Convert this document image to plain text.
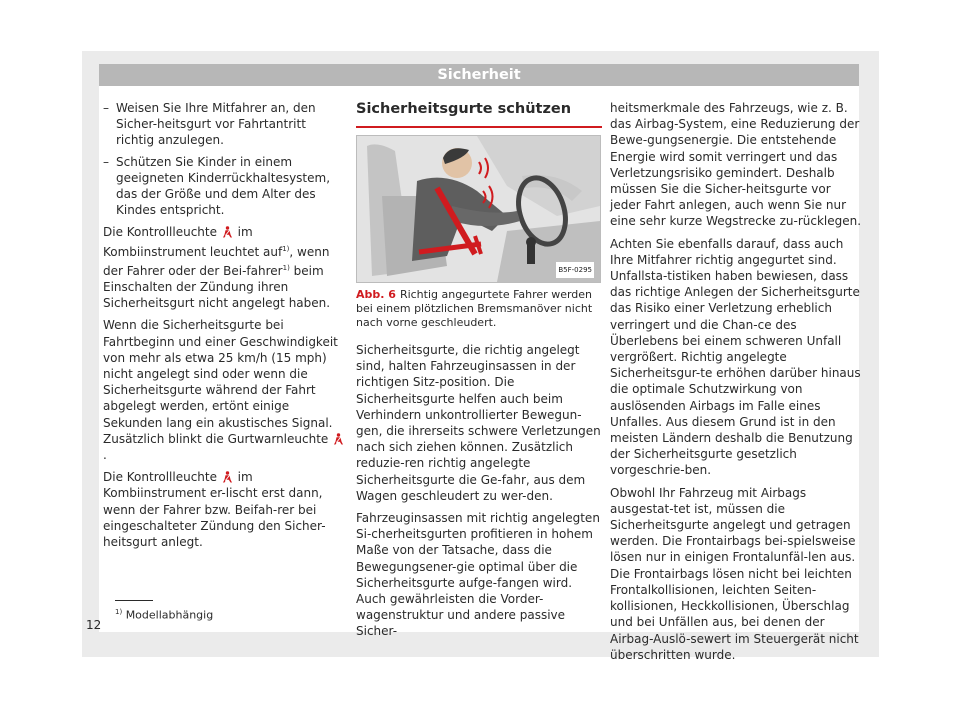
Sicherheit
– Weisen Sie Ihre Mitfahrer an, den Sicher-heitsgurt vor Fahrtantritt richtig anzulegen.
– Schützen Sie Kinder in einem geeigneten Kinderrückhaltesystem, das der Größe und dem Alter des Kindes entspricht.

Die Kontrollleuchte im Kombiinstrument leuchtet auf$^{1)}$, wenn der Fahrer oder der Bei-fahrer$^{1)}$ beim Einschalten der Zündung ihren Sicherheitsgurt nicht angelegt haben.

Wenn die Sicherheitsgurte bei Fahrtbeginn und einer Geschwindigkeit von mehr als etwa 25 km/h (15 mph) nicht angelegt sind oder wenn die Sicherheitsgurte während der Fahrt abgelegt werden, ertönt einige Sekunden lang ein akustisches Signal. Zusätzlich blinkt die Gurtwarnleuchte .

Die Kontrollleuchte im Kombiinstrument er-lischt erst dann, wenn der Fahrer bzw. Beifah-rer bei eingeschalteter Zündung den Sicher-heitsgurt anlegt.

Sicherheitsgurte schützen
B5F-0295
Abb. 6 Richtig angegurtete Fahrer werden bei einem plötzlichen Bremsmanöver nicht nach vorne geschleudert.

Sicherheitsgurte, die richtig angelegt sind, halten Fahrzeuginsassen in der richtigen Sitz-position. Die Sicherheitsgurte helfen auch beim Verhindern unkontrollierter Bewegun-gen, die ihrerseits schwere Verletzungen nach sich ziehen können. Zusätzlich reduzie-ren richtig angelegte Sicherheitsgurte die Ge-fahr, aus dem Wagen geschleudert zu wer-den.

Fahrzeuginsassen mit richtig angelegten Si-cherheitsgurten profitieren in hohem Maße von der Tatsache, dass die Bewegungsener-gie optimal über die Sicherheitsgurte aufge-fangen wird. Auch gewährleisten die Vorder-wagenstruktur und andere passive Sicher-

heitsmerkmale des Fahrzeugs, wie z. B. das Airbag-System, eine Reduzierung der Bewe-gungsenergie. Die entstehende Energie wird somit verringert und das Verletzungsrisiko gemindert. Deshalb müssen Sie die Sicher-heitsgurte vor jeder Fahrt anlegen, auch wenn Sie nur eine sehr kurze Wegstrecke zu-rücklegen.

Achten Sie ebenfalls darauf, dass auch Ihre Mitfahrer richtig angegurtet sind. Unfallsta-tistiken haben bewiesen, dass das richtige Anlegen der Sicherheitsgurte das Risiko einer Verletzung erheblich verringert und die Chan-ce des Überlebens bei einem schweren Unfall vergrößert. Richtig angelegte Sicherheitsgur-te erhöhen darüber hinaus die optimale Schutzwirkung von auslösenden Airbags im Falle eines Unfalles. Aus diesem Grund ist in den meisten Ländern deshalb die Benutzung der Sicherheitsgurte gesetzlich vorgeschrie-ben.

Obwohl Ihr Fahrzeug mit Airbags ausgestat-tet ist, müssen die Sicherheitsgurte angelegt und getragen werden. Die Frontairbags bei-spielsweise lösen nur in einigen Frontalunfäl-len aus. Die Frontairbags lösen nicht bei leichten Frontalkollisionen, leichten Seiten-kollisionen, Heckkollisionen, Überschlag und bei Unfällen aus, bei denen der Airbag-Auslö-sewert im Steuergerät nicht überschritten wurde.

$^{1)}$ Modellabhängig
12
